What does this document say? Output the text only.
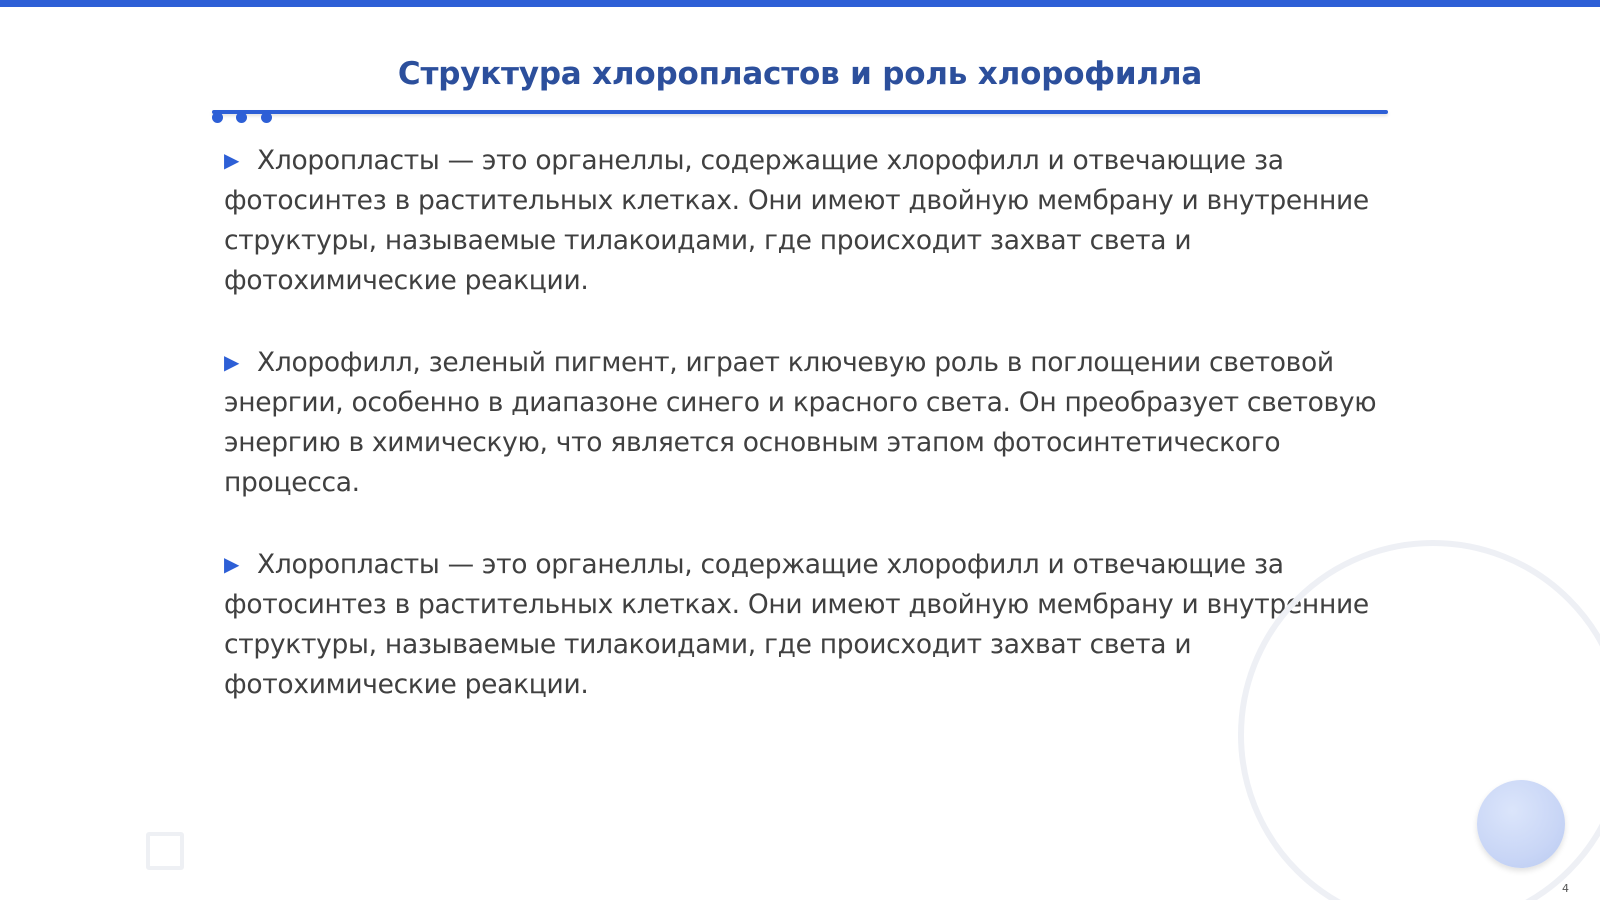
Структура хлоропластов и роль хлорофилла

▶ Хлоропласты — это органеллы, содержащие хлорофилл и отвечающие за фотосинтез в растительных клетках. Они имеют двойную мембрану и внутренние структуры, называемые тилакоидами, где происходит захват света и фотохимические реакции.

▶ Хлорофилл, зеленый пигмент, играет ключевую роль в поглощении световой энергии, особенно в диапазоне синего и красного света. Он преобразует световую энергию в химическую, что является основным этапом фотосинтетического процесса.

▶ Хлоропласты — это органеллы, содержащие хлорофилл и отвечающие за фотосинтез в растительных клетках. Они имеют двойную мембрану и внутренние структуры, называемые тилакоидами, где происходит захват света и фотохимические реакции.

4
